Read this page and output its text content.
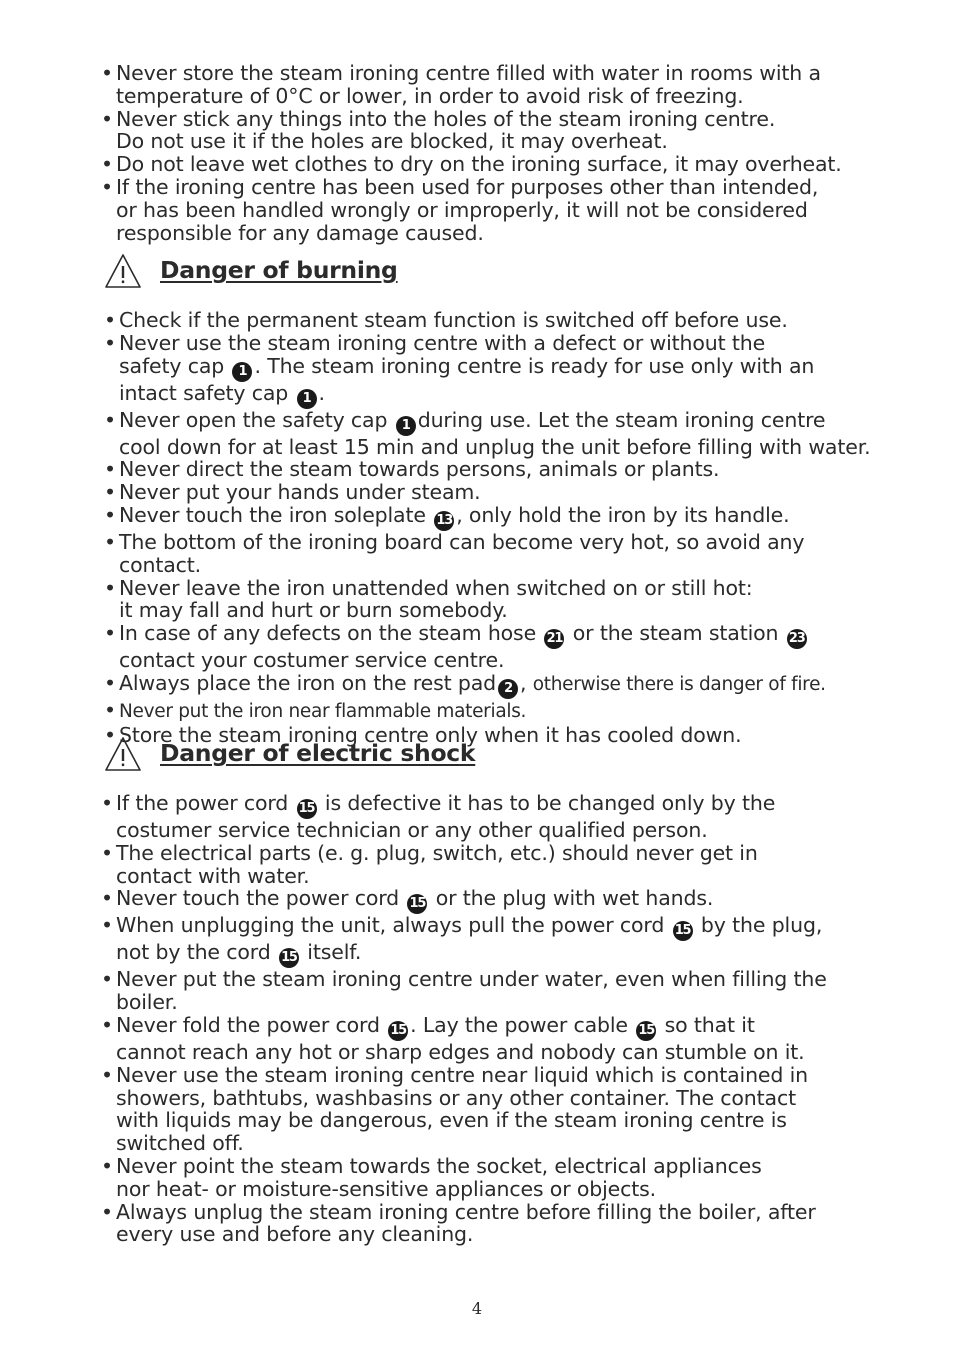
• Never store the steam ironing centre filled with water in rooms with a
temperature of 0°C or lower, in order to avoid risk of freezing.
• Never stick any things into the holes of the steam ironing centre.
Do not use it if the holes are blocked, it may overheat.
• Do not leave wet clothes to dry on the ironing surface, it may overheat.
• If the ironing centre has been used for purposes other than intended,
or has been handled wrongly or improperly, it will not be considered
responsible for any damage caused.
Danger of burning
• Check if the permanent steam function is switched off before use.
• Never use the steam ironing centre with a defect or without the
safety cap 1 . The steam ironing centre is ready for use only with an
intact safety cap 1 .
• Never open the safety cap 1 during use. Let the steam ironing centre
cool down for at least 15 min and unplug the unit before filling with water.
• Never direct the steam towards persons, animals or plants.
• Never put your hands under steam.
• Never touch the iron soleplate 13 , only hold the iron by its handle.
• The bottom of the ironing board can become very hot, so avoid any
contact.
• Never leave the iron unattended when switched on or still hot:
it may fall and hurt or burn somebody.
• In case of any defects on the steam hose 21 or the steam station 23
contact your costumer service centre.
• Always place the iron on the rest pad 2 , otherwise there is danger of fire.
• Never put the iron near flammable materials.
• Store the steam ironing centre only when it has cooled down.
Danger of electric shock
• If the power cord 15 is defective it has to be changed only by the
costumer service technician or any other qualified person.
• The electrical parts (e. g. plug, switch, etc.) should never get in
contact with water.
• Never touch the power cord 15 or the plug with wet hands.
• When unplugging the unit, always pull the power cord 15 by the plug,
not by the cord 15 itself.
• Never put the steam ironing centre under water, even when filling the
boiler.
• Never fold the power cord 15 . Lay the power cable 15 so that it
cannot reach any hot or sharp edges and nobody can stumble on it.
• Never use the steam ironing centre near liquid which is contained in
showers, bathtubs, washbasins or any other container. The contact
with liquids may be dangerous, even if the steam ironing centre is
switched off.
• Never point the steam towards the socket, electrical appliances
nor heat- or moisture-sensitive appliances or objects.
• Always unplug the steam ironing centre before filling the boiler, after
every use and before any cleaning.
4
